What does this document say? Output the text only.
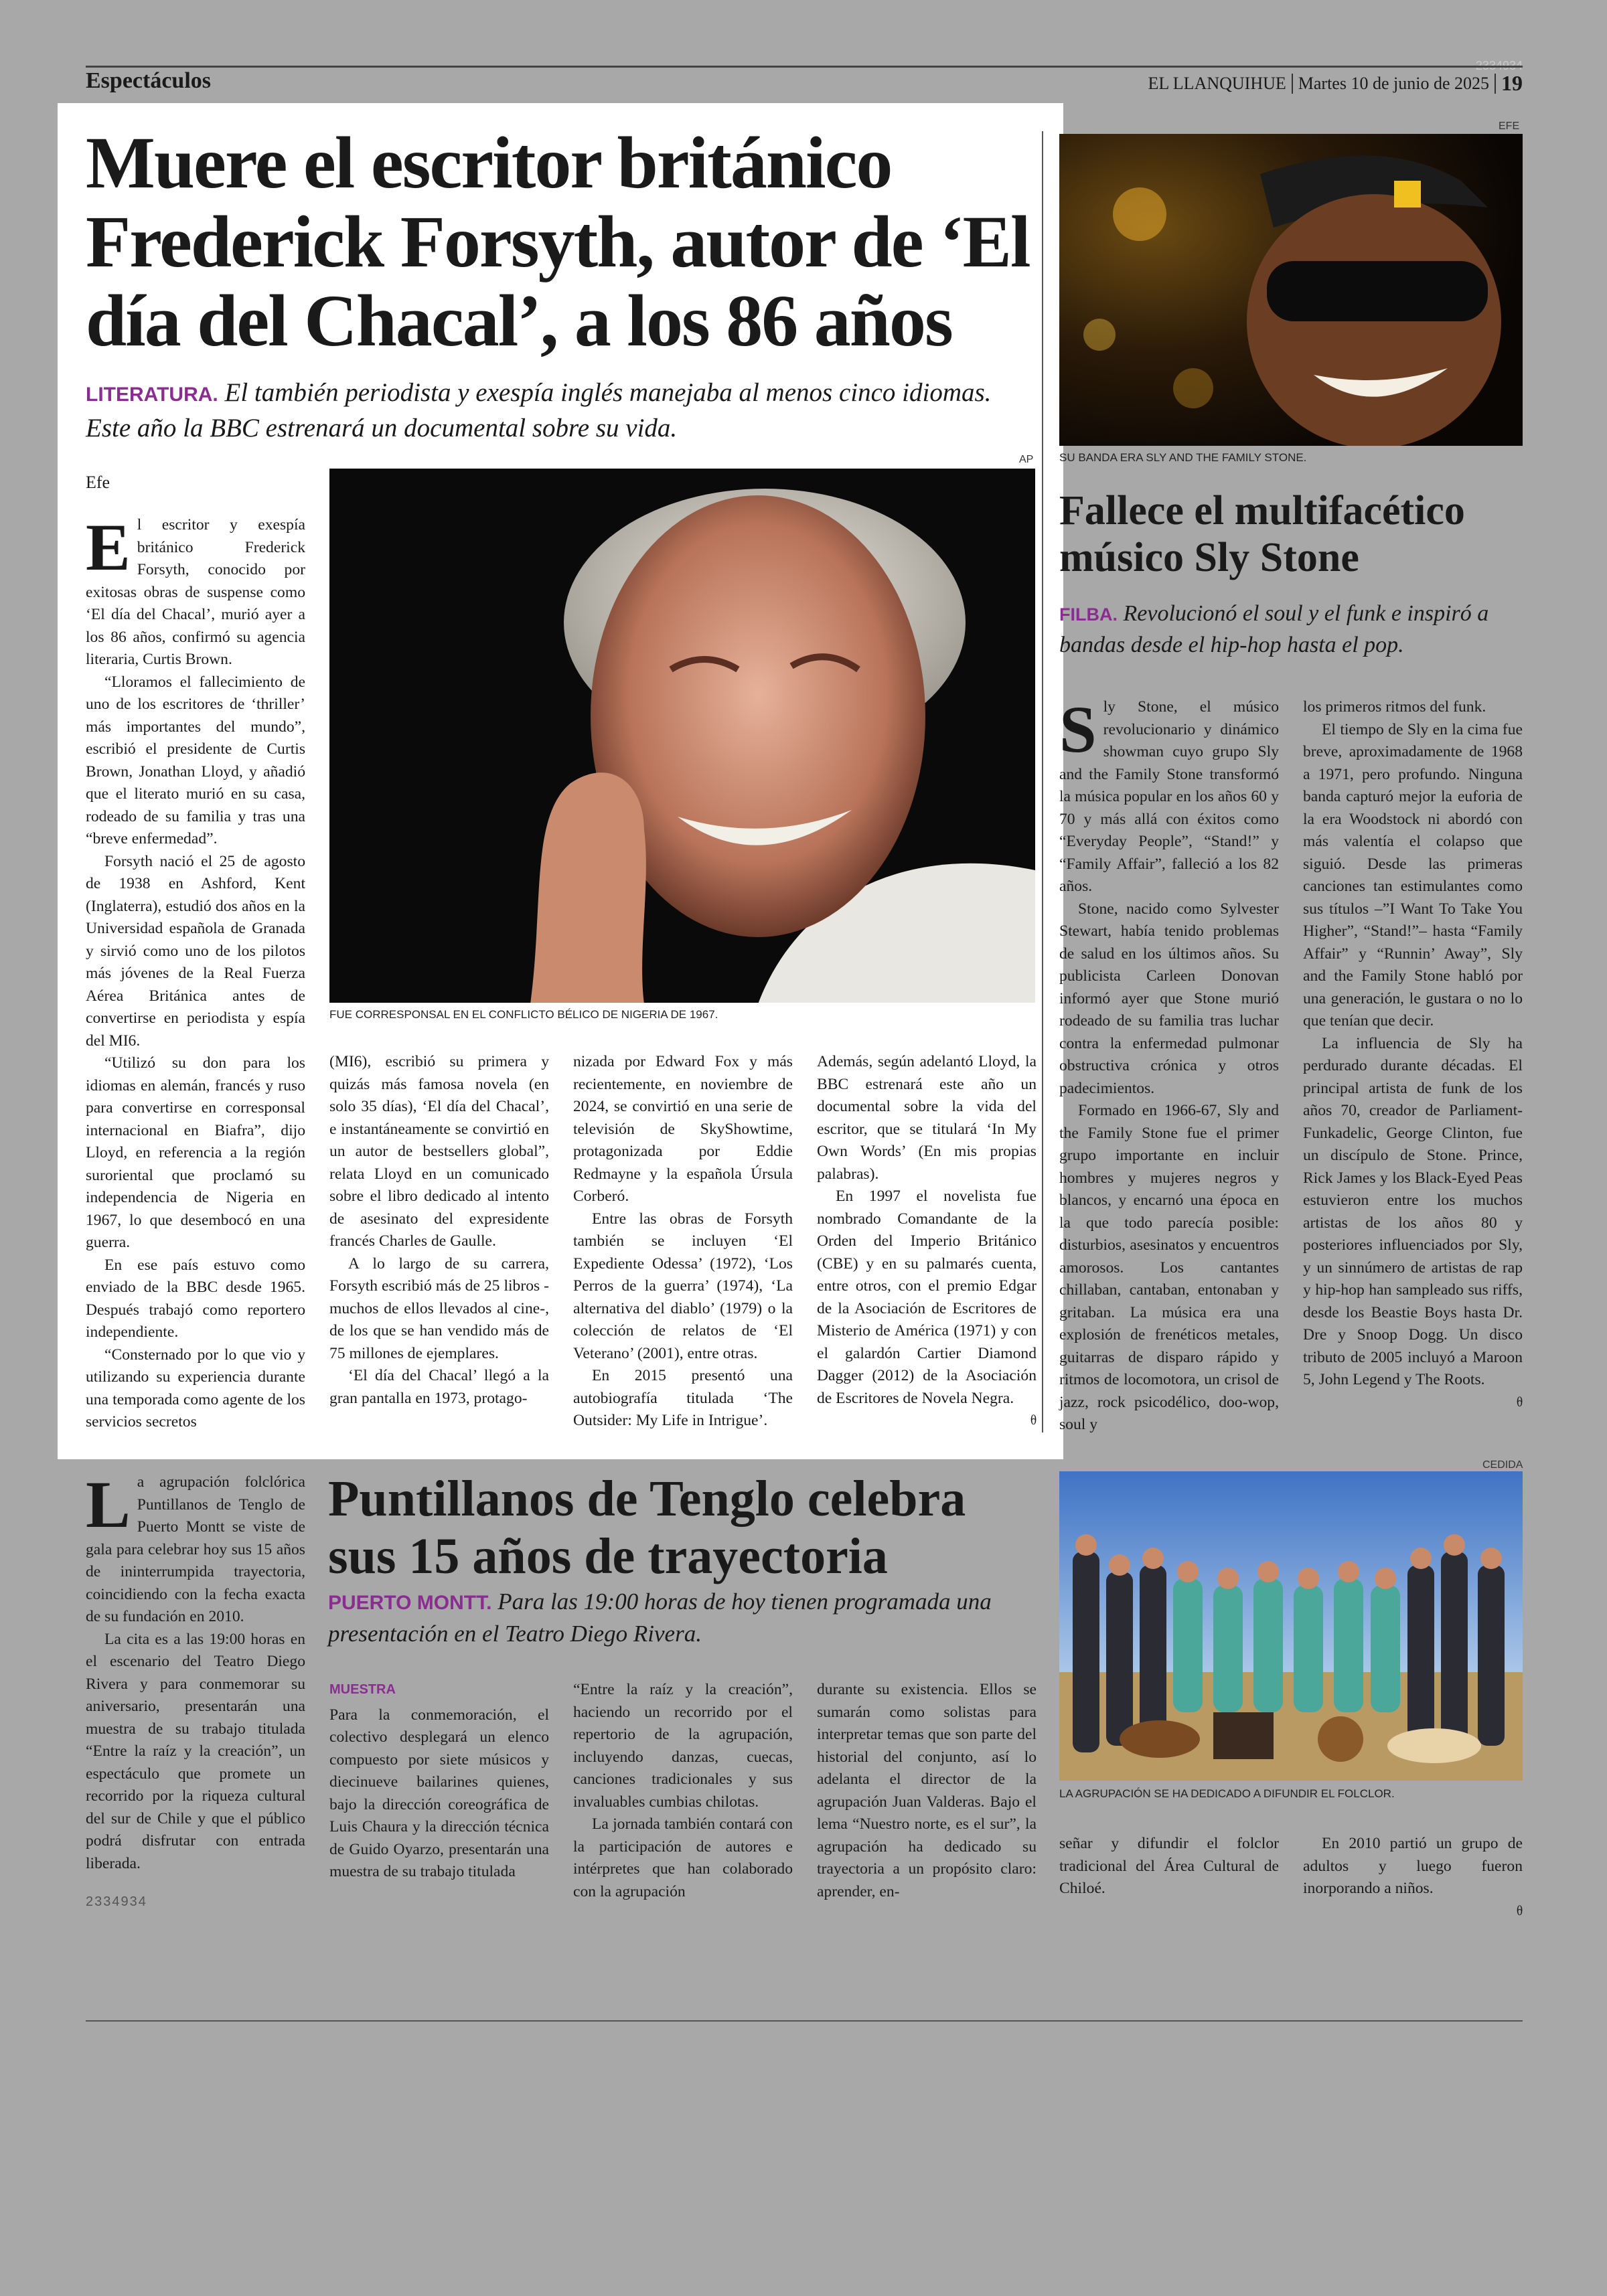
Espectáculos	EL LLANQUIHUE Martes 10 de junio de 2025 19
Muere el escritor británico Frederick Forsyth, autor de ‘El día del Chacal’, a los 86 años
LITERATURA. El también periodista y exespía inglés manejaba al menos cinco idiomas. Este año la BBC estrenará un documental sobre su vida.
Efe
AP
FUE CORRESPONSAL EN EL CONFLICTO BÉLICO DE NIGERIA DE 1967.
E l escritor y exespía británico Frederick Forsyth, conocido por exitosas obras de suspense como ‘El día del Chacal’, murió ayer a los 86 años, confirmó su agencia literaria, Curtis Brown.

“Lloramos el fallecimiento de uno de los escritores de ‘thriller’ más importantes del mundo”, escribió el presidente de Curtis Brown, Jonathan Lloyd, y añadió que el literato murió en su casa, rodeado de su familia y tras una “breve enfermedad”.

Forsyth nació el 25 de agosto de 1938 en Ashford, Kent (Inglaterra), estudió dos años en la Universidad española de Granada y sirvió como uno de los pilotos más jóvenes de la Real Fuerza Aérea Británica antes de convertirse en periodista y espía del MI6.

“Utilizó su don para los idiomas en alemán, francés y ruso para convertirse en corresponsal internacional en Biafra”, dijo Lloyd, en referencia a la región suroriental que proclamó su independencia de Nigeria en 1967, lo que desembocó en una guerra.

En ese país estuvo como enviado de la BBC desde 1965. Después trabajó como reportero independiente.

“Consternado por lo que vio y utilizando su experiencia durante una temporada como agente de los servicios secretos

(MI6), escribió su primera y quizás más famosa novela (en solo 35 días), ‘El día del Chacal’, e instantáneamente se convirtió en un autor de bestsellers global”, relata Lloyd en un comunicado sobre el libro dedicado al intento de asesinato del expresidente francés Charles de Gaulle.

A lo largo de su carrera, Forsyth escribió más de 25 libros -muchos de ellos llevados al cine-, de los que se han vendido más de 75 millones de ejemplares.

‘El día del Chacal’ llegó a la gran pantalla en 1973, protago-

nizada por Edward Fox y más recientemente, en noviembre de 2024, se convirtió en una serie de televisión de SkyShowtime, protagonizada por Eddie Redmayne y la española Úrsula Corberó.

Entre las obras de Forsyth también se incluyen ‘El Expediente Odessa’ (1972), ‘Los Perros de la guerra’ (1974), ‘La alternativa del diablo’ (1979) o la colección de relatos de ‘El Veterano’ (2001), entre otras.

En 2015 presentó una autobiografía titulada ‘The Outsider: My Life in Intrigue’.

Además, según adelantó Lloyd, la BBC estrenará este año un documental sobre la vida del escritor, que se titulará ‘In My Own Words’ (En mis propias palabras).

En 1997 el novelista fue nombrado Comandante de la Orden del Imperio Británico (CBE) y en su palmarés cuenta, entre otros, con el premio Edgar de la Asociación de Escritores de Misterio de América (1971) y con el galardón Cartier Diamond Dagger (2012) de la Asociación de Escritores de Novela Negra.

ᦲ
EFE
SU BANDA ERA SLY AND THE FAMILY STONE.
Fallece el multifacético músico Sly Stone
FILBA. Revolucionó el soul y el funk e inspiró a bandas desde el hip-hop hasta el pop.
S ly Stone, el músico revolucionario y dinámico showman cuyo grupo Sly and the Family Stone transformó la música popular en los años 60 y 70 y más allá con éxitos como “Everyday People”, “Stand!” y “Family Affair”, falleció a los 82 años.

Stone, nacido como Sylvester Stewart, había tenido problemas de salud en los últimos años. Su publicista Carleen Donovan informó ayer que Stone murió rodeado de su familia tras luchar contra la enfermedad pulmonar obstructiva crónica y otros padecimientos.

Formado en 1966-67, Sly and the Family Stone fue el primer grupo importante en incluir hombres y mujeres negros y blancos, y encarnó una época en la que todo parecía posible: disturbios, asesinatos y encuentros amorosos. Los cantantes chillaban, cantaban, entonaban y gritaban. La música era una explosión de frenéticos metales, guitarras de disparo rápido y ritmos de locomotora, un crisol de jazz, rock psicodélico, doo-wop, soul y

los primeros ritmos del funk.

El tiempo de Sly en la cima fue breve, aproximadamente de 1968 a 1971, pero profundo. Ninguna banda capturó mejor la euforia de la era Woodstock ni abordó con más valentía el colapso que siguió. Desde las primeras canciones tan estimulantes como sus títulos –”I Want To Take You Higher”, “Stand!”– hasta “Family Affair” y “Runnin’ Away”, Sly and the Family Stone habló por una generación, le gustara o no lo que tenían que decir.

La influencia de Sly ha perdurado durante décadas. El principal artista de funk de los años 70, creador de Parliament-Funkadelic, George Clinton, fue un discípulo de Stone. Prince, Rick James y los Black-Eyed Peas estuvieron entre los muchos artistas de los años 80 y posteriores influenciados por Sly, y un sinnúmero de artistas de rap y hip-hop han sampleado sus riffs, desde los Beastie Boys hasta Dr. Dre y Snoop Dogg. Un disco tributo de 2005 incluyó a Maroon 5, John Legend y The Roots.

ᦲ
L a agrupación folclórica Puntillanos de Tenglo de Puerto Montt se viste de gala para celebrar hoy sus 15 años de ininterrumpida trayectoria, coincidiendo con la fecha exacta de su fundación en 2010.

La cita es a las 19:00 horas en el escenario del Teatro Diego Rivera y para conmemorar su aniversario, presentarán una muestra de su trabajo titulada “Entre la raíz y la creación”, un espectáculo que promete un recorrido por la riqueza cultural del sur de Chile y que el público podrá disfrutar con entrada liberada.

2334934
Puntillanos de Tenglo celebra sus 15 años de trayectoria
PUERTO MONTT. Para las 19:00 horas de hoy tienen programada una presentación en el Teatro Diego Rivera.
MUESTRA

Para la conmemoración, el colectivo desplegará un elenco compuesto por siete músicos y diecinueve bailarines quienes, bajo la dirección coreográfica de Luis Chaura y la dirección técnica de Guido Oyarzo, presentarán una muestra de su trabajo titulada

“Entre la raíz y la creación”, haciendo un recorrido por el repertorio de la agrupación, incluyendo danzas, cuecas, canciones tradicionales y sus invaluables cumbias chilotas.

La jornada también contará con la participación de autores e intérpretes que han colaborado con la agrupación

durante su existencia. Ellos se sumarán como solistas para interpretar temas que son parte del historial del conjunto, así lo adelanta el director de la agrupación Juan Valderas. Bajo el lema “Nuestro norte, es el sur”, la agrupación ha dedicado su trayectoria a un propósito claro: aprender, en-

CEDIDA
LA AGRUPACIÓN SE HA DEDICADO A DIFUNDIR EL FOLCLOR.

señar y difundir el folclor tradicional del Área Cultural de Chiloé.

En 2010 partió un grupo de adultos y luego fueron inorporando a niños.

ᦲ
